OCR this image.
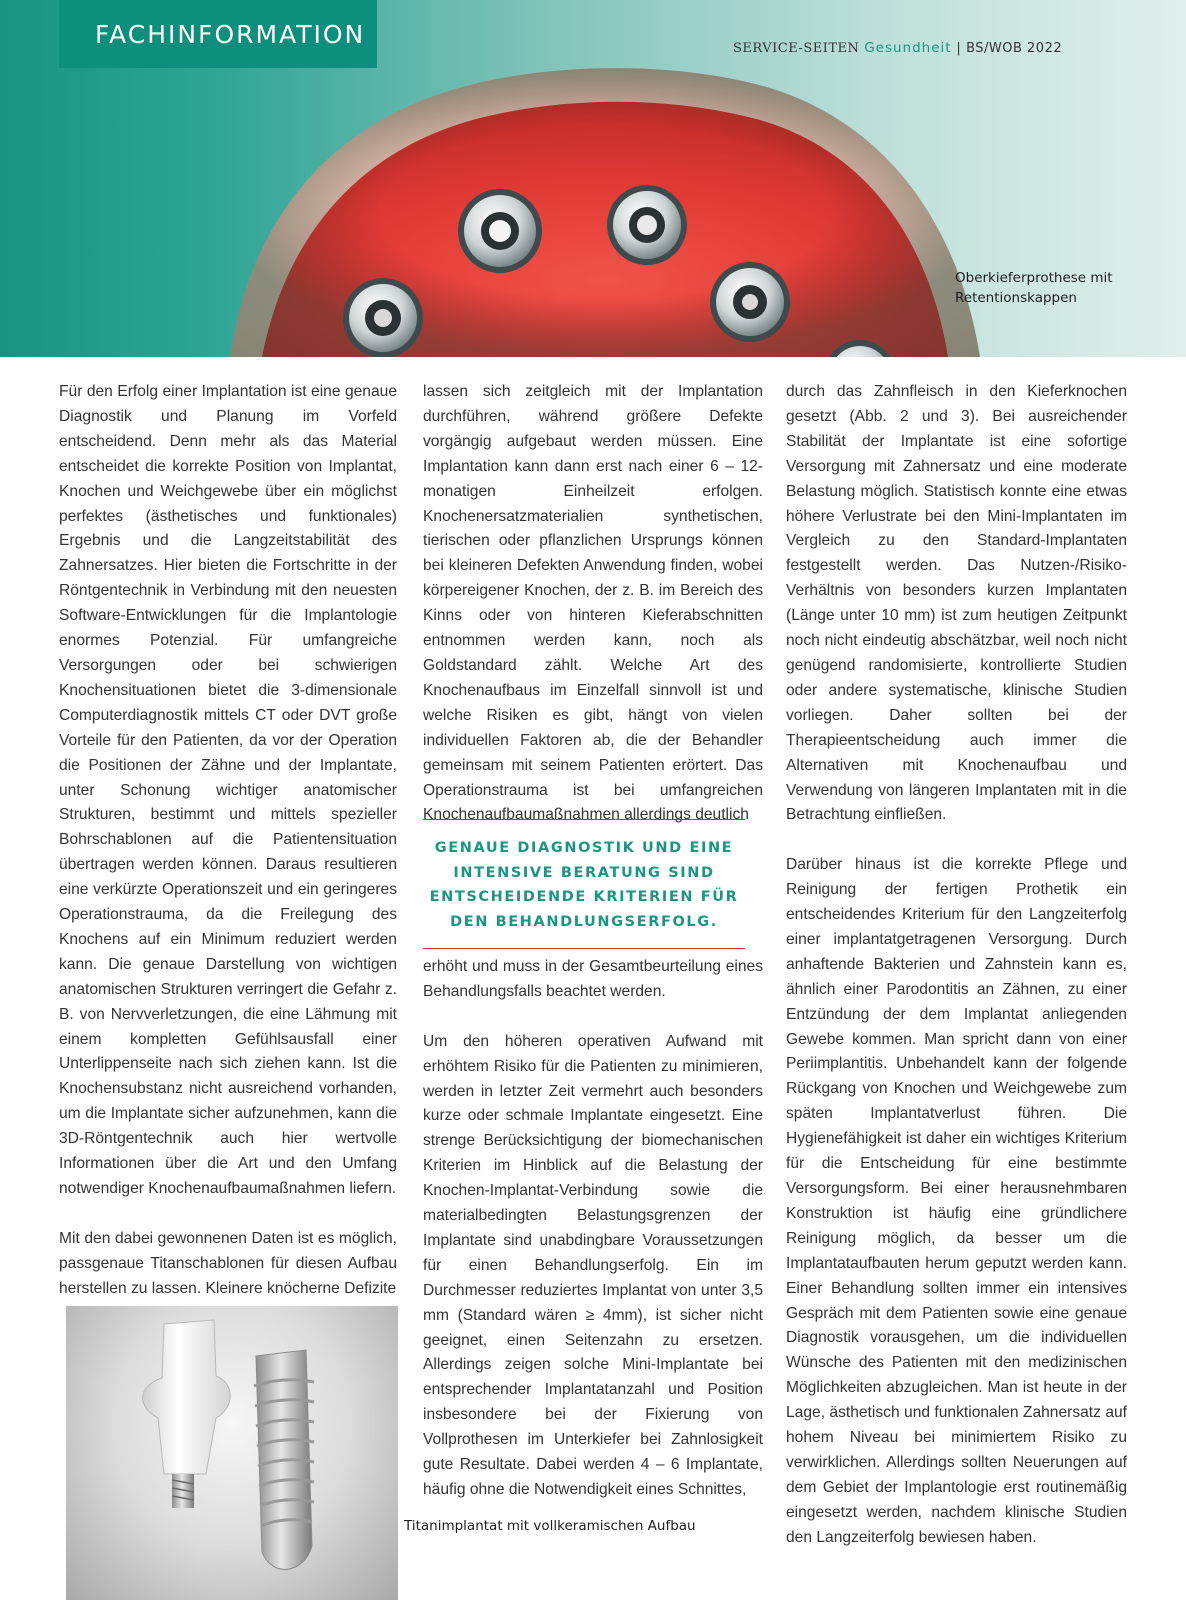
FACHINFORMATION	SERVICE-SEITEN Gesundheit | BS/WOB 2022
Oberkieferprothese mit
Retentionskappen

Für den Erfolg einer Implantation ist eine genaue Diagnostik und Planung im Vorfeld entscheidend. Denn mehr als das Material entscheidet die korrekte Position von Implantat, Knochen und Weichgewebe über ein möglichst perfektes (ästhetisches und funktionales) Ergebnis und die Langzeitstabilität des Zahnersatzes. Hier bieten die Fortschritte in der Röntgentechnik in Verbindung mit den neuesten Software-Entwicklungen für die Implantologie enormes Potenzial. Für umfangreiche Versorgungen oder bei schwierigen Knochensituationen bietet die 3-dimensionale Computerdiagnostik mittels CT oder DVT große Vorteile für den Patienten, da vor der Operation die Positionen der Zähne und der Implantate, unter Schonung wichtiger anatomischer Strukturen, bestimmt und mittels spezieller Bohrschablonen auf die Patientensituation übertragen werden können. Daraus resultieren eine verkürzte Operationszeit und ein geringeres Operationstrauma, da die Freilegung des Knochens auf ein Minimum reduziert werden kann. Die genaue Darstellung von wichtigen anatomischen Strukturen verringert die Gefahr z. B. von Nervverletzungen, die eine Lähmung mit einem kompletten Gefühlsausfall einer Unterlippenseite nach sich ziehen kann. Ist die Knochensubstanz nicht ausreichend vorhanden, um die Implantate sicher aufzunehmen, kann die 3D-Röntgentechnik auch hier wertvolle Informationen über die Art und den Umfang notwendiger Knochenaufbaumaßnahmen liefern.

Mit den dabei gewonnenen Daten ist es möglich, passgenaue Titanschablonen für diesen Aufbau herstellen zu lassen. Kleinere knöcherne Defizite

lassen sich zeitgleich mit der Implantation durchführen, während größere Defekte vorgängig aufgebaut werden müssen. Eine Implantation kann dann erst nach einer 6 – 12-monatigen Einheilzeit erfolgen. Knochenersatzmaterialien synthetischen, tierischen oder pflanzlichen Ursprungs können bei kleineren Defekten Anwendung finden, wobei körpereigener Knochen, der z. B. im Bereich des Kinns oder von hinteren Kieferabschnitten entnommen werden kann, noch als Goldstandard zählt. Welche Art des Knochenaufbaus im Einzelfall sinnvoll ist und welche Risiken es gibt, hängt von vielen individuellen Faktoren ab, die der Behandler gemeinsam mit seinem Patienten erörtert. Das Operationstrauma ist bei umfangreichen Knochenaufbaumaßnahmen allerdings deutlich

GENAUE DIAGNOSTIK UND EINE INTENSIVE BERATUNG SIND ENTSCHEIDENDE KRITERIEN FÜR DEN BEHANDLUNGSERFOLG.

erhöht und muss in der Gesamtbeurteilung eines Behandlungsfalls beachtet werden.

Um den höheren operativen Aufwand mit erhöhtem Risiko für die Patienten zu minimieren, werden in letzter Zeit vermehrt auch besonders kurze oder schmale Implantate eingesetzt. Eine strenge Berücksichtigung der biomechanischen Kriterien im Hinblick auf die Belastung der Knochen-Implantat-Verbindung sowie die materialbedingten Belastungsgrenzen der Implantate sind unabdingbare Voraussetzungen für einen Behandlungserfolg. Ein im Durchmesser reduziertes Implantat von unter 3,5 mm (Standard wären ≥ 4mm), ist sicher nicht geeignet, einen Seitenzahn zu ersetzen. Allerdings zeigen solche Mini-Implantate bei entsprechender Implantatanzahl und Position insbesondere bei der Fixierung von Vollprothesen im Unterkiefer bei Zahnlosigkeit gute Resultate. Dabei werden 4 – 6 Implantate, häufig ohne die Notwendigkeit eines Schnittes,

durch das Zahnfleisch in den Kieferknochen gesetzt (Abb. 2 und 3). Bei ausreichender Stabilität der Implantate ist eine sofortige Versorgung mit Zahnersatz und eine moderate Belastung möglich. Statistisch konnte eine etwas höhere Verlustrate bei den Mini-Implantaten im Vergleich zu den Standard-Implantaten festgestellt werden. Das Nutzen-/Risiko-Verhältnis von besonders kurzen Implantaten (Länge unter 10 mm) ist zum heutigen Zeitpunkt noch nicht eindeutig abschätzbar, weil noch nicht genügend randomisierte, kontrollierte Studien oder andere systematische, klinische Studien vorliegen. Daher sollten bei der Therapieentscheidung auch immer die Alternativen mit Knochenaufbau und Verwendung von längeren Implantaten mit in die Betrachtung einfließen.

Darüber hinaus ist die korrekte Pflege und Reinigung der fertigen Prothetik ein entscheidendes Kriterium für den Langzeiterfolg einer implantatgetragenen Versorgung. Durch anhaftende Bakterien und Zahnstein kann es, ähnlich einer Parodontitis an Zähnen, zu einer Entzündung der dem Implantat anliegenden Gewebe kommen. Man spricht dann von einer Periimplantitis. Unbehandelt kann der folgende Rückgang von Knochen und Weichgewebe zum späten Implantatverlust führen. Die Hygienefähigkeit ist daher ein wichtiges Kriterium für die Entscheidung für eine bestimmte Versorgungsform. Bei einer herausnehmbaren Konstruktion ist häufig eine gründlichere Reinigung möglich, da besser um die Implantataufbauten herum geputzt werden kann. Einer Behandlung sollten immer ein intensives Gespräch mit dem Patienten sowie eine genaue Diagnostik vorausgehen, um die individuellen Wünsche des Patienten mit den medizinischen Möglichkeiten abzugleichen. Man ist heute in der Lage, ästhetisch und funktionalen Zahnersatz auf hohem Niveau bei minimiertem Risiko zu verwirklichen. Allerdings sollten Neuerungen auf dem Gebiet der Implantologie erst routinemäßig eingesetzt werden, nachdem klinische Studien den Langzeiterfolg bewiesen haben.

Titanimplantat mit vollkeramischen Aufbau
